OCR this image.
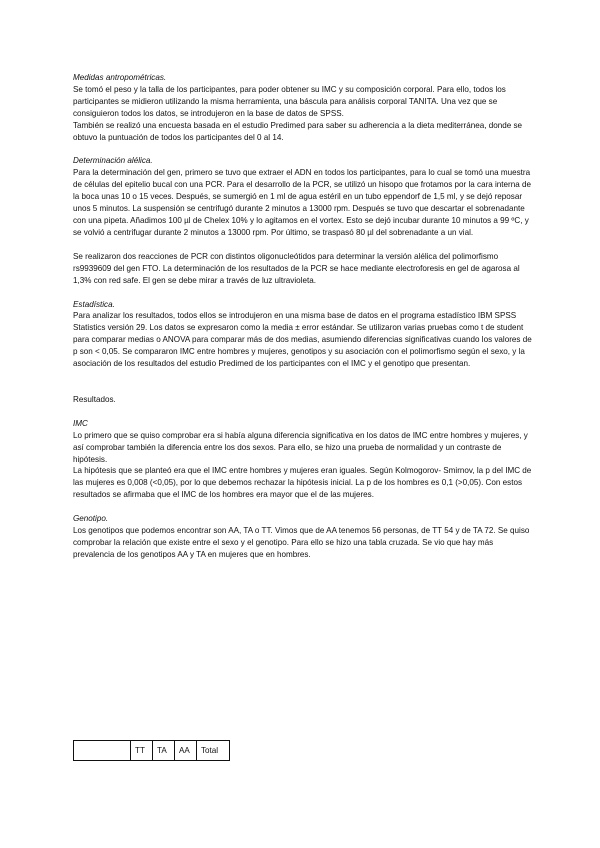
Medidas antropométricas.

Se tomó el peso y la talla de los participantes, para poder obtener su IMC y su composición corporal. Para ello, todos los participantes se midieron utilizando la misma herramienta, una báscula para análisis corporal TANITA. Una vez que se consiguieron todos los datos, se introdujeron en la base de datos de SPSS.

También se realizó una encuesta basada en el estudio Predimed para saber su adherencia a la dieta mediterránea, donde se obtuvo la puntuación de todos los participantes del 0 al 14.

Determinación alélica.

Para la determinación del gen, primero se tuvo que extraer el ADN en todos los participantes, para lo cual se tomó una muestra de células del epitelio bucal con una PCR. Para el desarrollo de la PCR, se utilizó un hisopo que frotamos por la cara interna de la boca unas 10 o 15 veces. Después, se sumergió en 1 ml de agua estéril en un tubo eppendorf de 1,5 ml, y se dejó reposar unos 5 minutos. La suspensión se centrifugó durante 2 minutos a 13000 rpm. Después se tuvo que descartar el sobrenadante con una pipeta. Añadimos 100 µl de Chelex 10% y lo agitamos en el vortex. Esto se dejó incubar durante 10 minutos a 99 ºC, y se volvió a centrifugar durante 2 minutos a 13000 rpm. Por último, se traspasó 80 µl del sobrenadante a un vial.

Se realizaron dos reacciones de PCR con distintos oligonucleótidos para determinar la versión alélica del polimorfismo rs9939609 del gen FTO. La determinación de los resultados de la PCR se hace mediante electroforesis en gel de agarosa al 1,3% con red safe. El gen se debe mirar a través de luz ultravioleta.

Estadística.

Para analizar los resultados, todos ellos se introdujeron en una misma base de datos en el programa estadístico IBM SPSS Statistics versión 29. Los datos se expresaron como la media ± error estándar. Se utilizaron varias pruebas como t de student para comparar medias o ANOVA para comparar más de dos medias, asumiendo diferencias significativas cuando los valores de p son < 0,05. Se compararon IMC entre hombres y mujeres, genotipos y su asociación con el polimorfismo según el sexo, y la asociación de los resultados del estudio Predimed de los participantes con el IMC y el genotipo que presentan.

Resultados.

IMC

Lo primero que se quiso comprobar era si había alguna diferencia significativa en los datos de IMC entre hombres y mujeres, y así comprobar también la diferencia entre los dos sexos. Para ello, se hizo una prueba de normalidad y un contraste de hipótesis.

La hipótesis que se planteó era que el IMC entre hombres y mujeres eran iguales. Según Kolmogorov- Smirnov, la p del IMC de las mujeres es 0,008 (<0,05), por lo que debemos rechazar la hipótesis inicial. La p de los hombres es 0,1 (>0,05). Con estos resultados se afirmaba que el IMC de los hombres era mayor que el de las mujeres.

Genotipo.

Los genotipos que podemos encontrar son AA, TA o TT. Vimos que de AA tenemos 56 personas, de TT 54 y de TA 72. Se quiso comprobar la relación que existe entre el sexo y el genotipo. Para ello se hizo una tabla cruzada. Se vio que hay más prevalencia de los genotipos AA y TA en mujeres que en hombres.

	TT	TA	AA	Total
